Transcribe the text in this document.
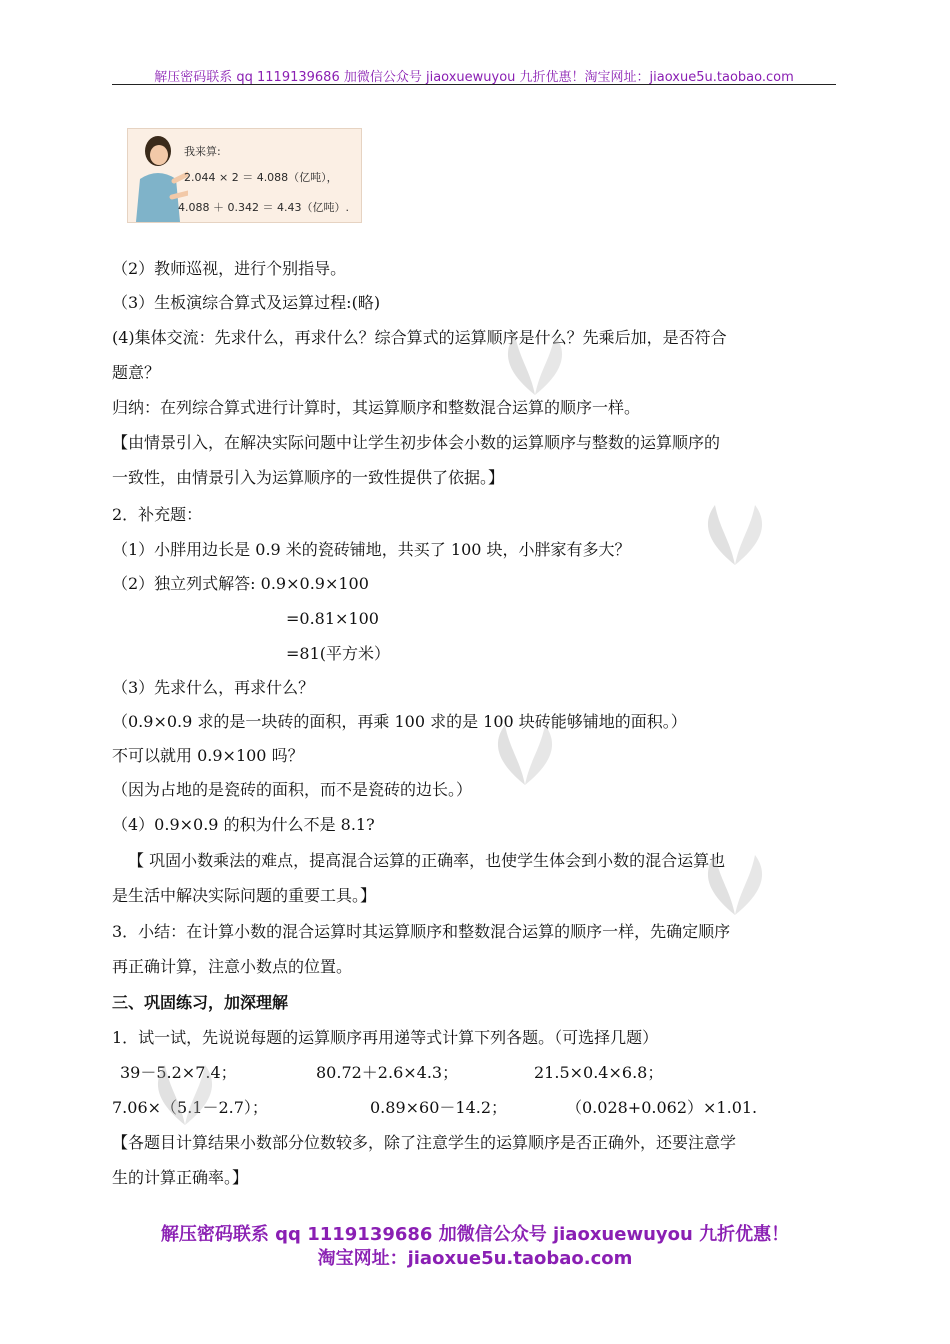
解压密码联系 qq 1119139686 加微信公众号 jiaoxuewuyou 九折优惠！淘宝网址：jiaoxue5u.taobao.com
我来算:
2.044 × 2 ＝ 4.088（亿吨），
4.088 ＋ 0.342 ＝ 4.43（亿吨）.
（2）教师巡视，进行个别指导。
（3）生板演综合算式及运算过程:(略)
(4)集体交流：先求什么，再求什么？综合算式的运算顺序是什么？先乘后加，是否符合
题意？
归纳：在列综合算式进行计算时，其运算顺序和整数混合运算的顺序一样。
【由情景引入，在解决实际问题中让学生初步体会小数的运算顺序与整数的运算顺序的
一致性，由情景引入为运算顺序的一致性提供了依据。】
2．补充题：
（1）小胖用边长是 0.9 米的瓷砖铺地，共买了 100 块，小胖家有多大？
（2）独立列式解答: 0.9×0.9×100
=0.81×100
=81(平方米）
（3）先求什么，再求什么？
（0.9×0.9 求的是一块砖的面积，再乘 100 求的是 100 块砖能够铺地的面积。）
不可以就用 0.9×100 吗？
（因为占地的是瓷砖的面积，而不是瓷砖的边长。）
（4）0.9×0.9 的积为什么不是 8.1?
【 巩固小数乘法的难点，提高混合运算的正确率，也使学生体会到小数的混合运算也
是生活中解决实际问题的重要工具。】
3．小结：在计算小数的混合运算时其运算顺序和整数混合运算的顺序一样，先确定顺序
再正确计算，注意小数点的位置。
三、巩固练习，加深理解
1．试一试，先说说每题的运算顺序再用递等式计算下列各题。（可选择几题）
39－5.2×7.4；	80.72＋2.6×4.3；	21.5×0.4×6.8；
7.06×（5.1－2.7）；	0.89×60－14.2；	（0.028+0.062）×1.01.
【各题目计算结果小数部分位数较多，除了注意学生的运算顺序是否正确外，还要注意学
生的计算正确率。】
解压密码联系 qq 1119139686 加微信公众号 jiaoxuewuyou 九折优惠！
淘宝网址：jiaoxue5u.taobao.com
